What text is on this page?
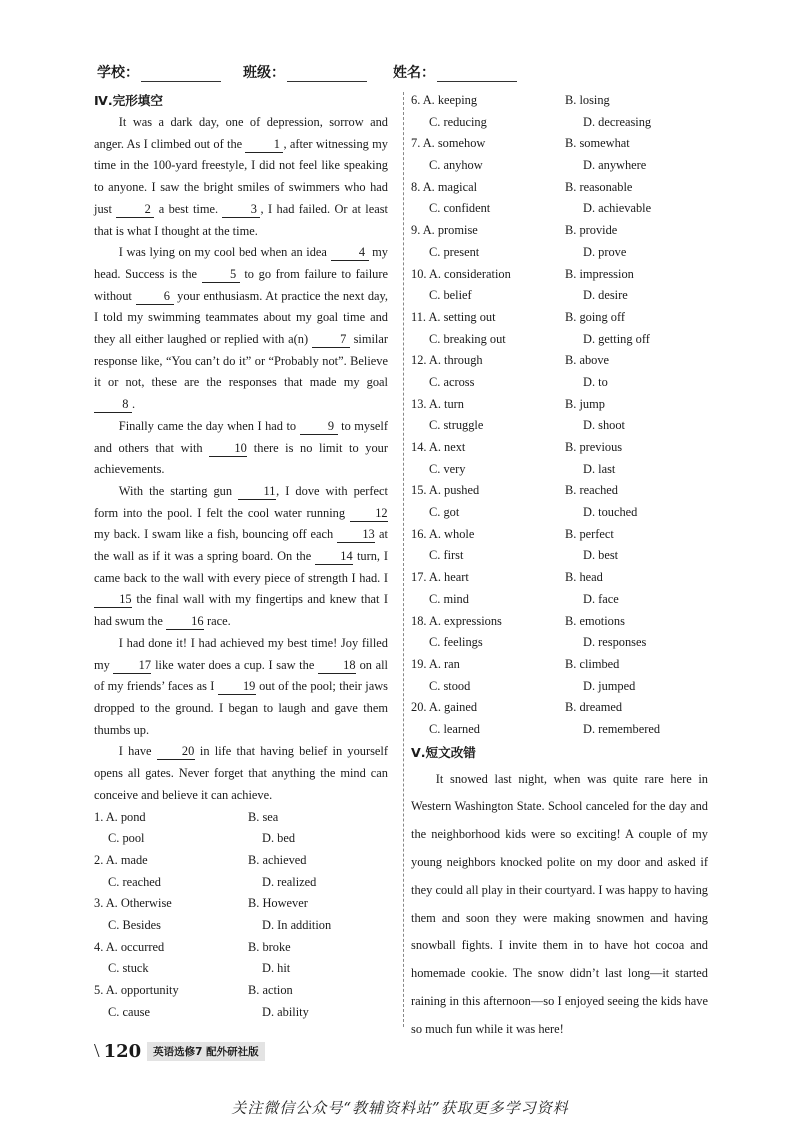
学校：	班级：	姓名：
Ⅳ.完形填空

It was a dark day, one of depression, sorrow and anger. As I climbed out of the 1 , after witnessing my time in the 100-yard freestyle, I did not feel like speaking to anyone. I saw the bright smiles of swimmers who had just 2 a best time. 3 , I had failed. Or at least that is what I thought at the time.

I was lying on my cool bed when an idea 4 my head. Success is the 5 to go from failure to failure without 6 your enthusiasm. At practice the next day, I told my swimming teammates about my goal time and they all either laughed or replied with a(n) 7 similar response like, “You can’t do it” or “Probably not”. Believe it or not, these are the responses that made my goal 8 .

Finally came the day when I had to 9 to myself and others that with 10 there is no limit to your achievements.

With the starting gun 11, I dove with perfect form into the pool. I felt the cool water running 12 my back. I swam like a fish, bouncing off each 13 at the wall as if it was a spring board. On the 14 turn, I came back to the wall with every piece of strength I had. I 15 the final wall with my fingertips and knew that I had swum the 16 race.

I had done it! I had achieved my best time! Joy filled my 17 like water does a cup. I saw the 18 on all of my friends’ faces as I 19 out of the pool; their jaws dropped to the ground. I began to laugh and gave them thumbs up.

I have 20 in life that having belief in yourself opens all gates. Never forget that anything the mind can conceive and believe it can achieve.

1. A. pond	B. sea
C. pool	D. bed
2. A. made	B. achieved
C. reached	D. realized
3. A. Otherwise	B. However
C. Besides	D. In addition
4. A. occurred	B. broke
C. stuck	D. hit
5. A. opportunity	B. action
C. cause	D. ability
6. A. keeping	B. losing
C. reducing	D. decreasing
7. A. somehow	B. somewhat
C. anyhow	D. anywhere
8. A. magical	B. reasonable
C. confident	D. achievable
9. A. promise	B. provide
C. present	D. prove
10. A. consideration	B. impression
C. belief	D. desire
11. A. setting out	B. going off
C. breaking out	D. getting off
12. A. through	B. above
C. across	D. to
13. A. turn	B. jump
C. struggle	D. shoot
14. A. next	B. previous
C. very	D. last
15. A. pushed	B. reached
C. got	D. touched
16. A. whole	B. perfect
C. first	D. best
17. A. heart	B. head
C. mind	D. face
18. A. expressions	B. emotions
C. feelings	D. responses
19. A. ran	B. climbed
C. stood	D. jumped
20. A. gained	B. dreamed
C. learned	D. remembered
Ⅴ.短文改错

It snowed last night, when was quite rare here in Western Washington State. School canceled for the day and the neighborhood kids were so exciting! A couple of my young neighbors knocked polite on my door and asked if they could all play in their courtyard. I was happy to having them and soon they were making snowmen and having snowball fights. I invite them in to have hot cocoa and homemade cookie. The snow didn’t last long—it started raining in this afternoon—so I enjoyed seeing the kids have so much fun while it was here!

\ 120	英语选修7 配外研社版
关注微信公众号“教辅资料站”获取更多学习资料
